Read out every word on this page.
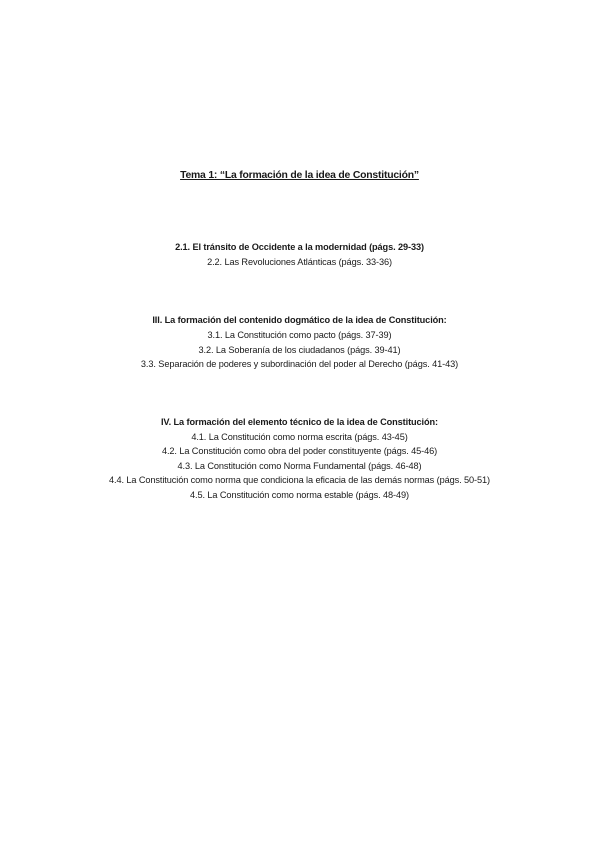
Tema 1: “La formación de la idea de Constitución”
2.1. El tránsito de Occidente a la modernidad (págs. 29-33)
2.2. Las Revoluciones Atlánticas (págs. 33-36)
III. La formación del contenido dogmático de la idea de Constitución:
3.1. La Constitución como pacto (págs. 37-39)
3.2. La Soberanía de los ciudadanos (págs. 39-41)
3.3. Separación de poderes y subordinación del poder al Derecho (págs. 41-43)
IV. La formación del elemento técnico de la idea de Constitución:
4.1. La Constitución como norma escrita (págs. 43-45)
4.2. La Constitución como obra del poder constituyente (págs. 45-46)
4.3. La Constitución como Norma Fundamental (págs. 46-48)
4.4. La Constitución como norma que condiciona la eficacia de las demás normas (págs. 50-51)
4.5. La Constitución como norma estable (págs. 48-49)
